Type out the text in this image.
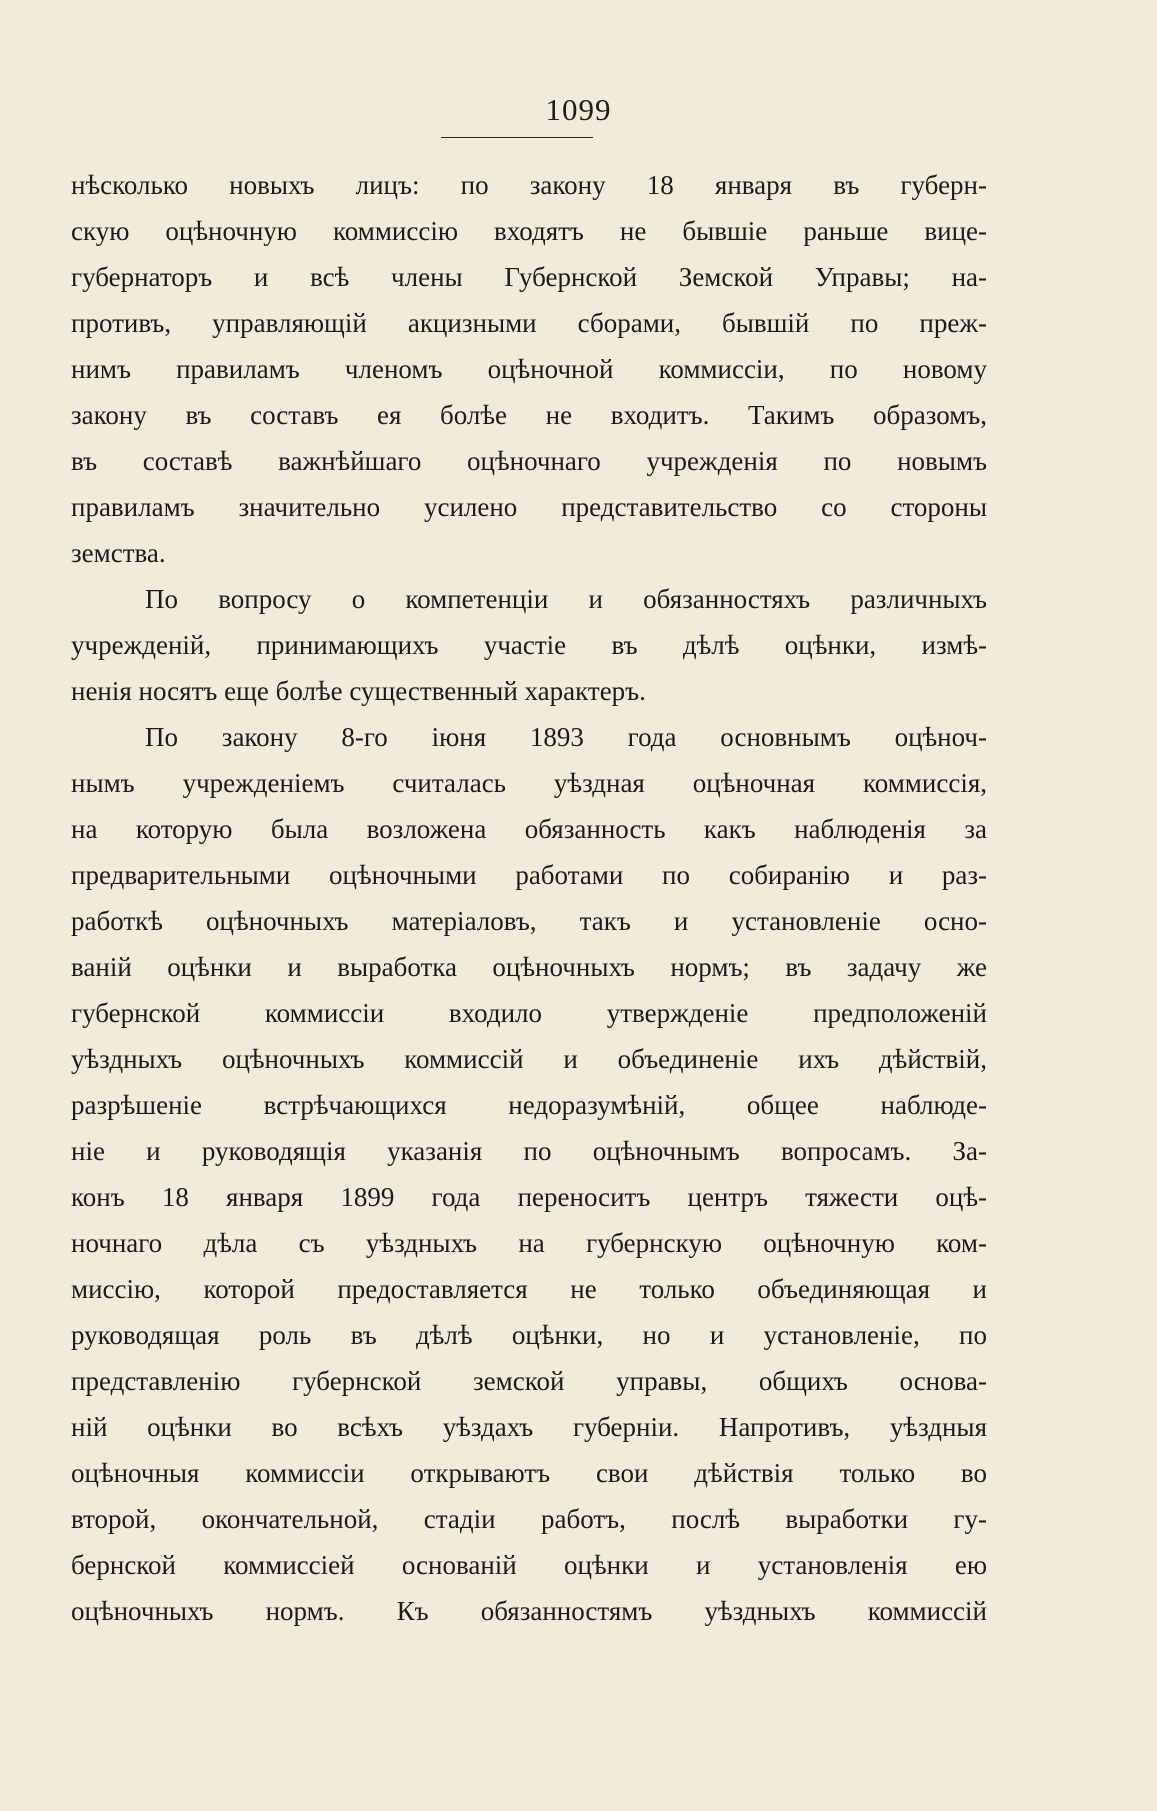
1099
нѣсколько новыхъ лицъ: по закону 18 января въ губерн-
скую оцѣночную коммиссію входятъ не бывшіе раньше вице-
губернаторъ и всѣ члены Губернской Земской Управы; на-
противъ, управляющій акцизными сборами, бывшій по преж-
нимъ правиламъ членомъ оцѣночной коммиссіи, по новому
закону въ составъ ея болѣе не входитъ. Такимъ образомъ,
въ составѣ важнѣйшаго оцѣночнаго учрежденія по новымъ
правиламъ значительно усилено представительство со стороны
земства.
По вопросу о компетенціи и обязанностяхъ различныхъ
учрежденій, принимающихъ участіе въ дѣлѣ оцѣнки, измѣ-
ненія носятъ еще болѣе существенный характеръ.
По закону 8-го іюня 1893 года основнымъ оцѣноч-
нымъ учрежденіемъ считалась уѣздная оцѣночная коммиссія,
на которую была возложена обязанность какъ наблюденія за
предварительными оцѣночными работами по собиранію и раз-
работкѣ оцѣночныхъ матеріаловъ, такъ и установленіе осно-
ваній оцѣнки и выработка оцѣночныхъ нормъ; въ задачу же
губернской коммиссіи входило утвержденіе предположеній
уѣздныхъ оцѣночныхъ коммиссій и объединеніе ихъ дѣйствій,
разрѣшеніе встрѣчающихся недоразумѣній, общее наблюде-
ніе и руководящія указанія по оцѣночнымъ вопросамъ. За-
конъ 18 января 1899 года переноситъ центръ тяжести оцѣ-
ночнаго дѣла съ уѣздныхъ на губернскую оцѣночную ком-
миссію, которой предоставляется не только объединяющая и
руководящая роль въ дѣлѣ оцѣнки, но и установленіе, по
представленію губернской земской управы, общихъ основа-
ній оцѣнки во всѣхъ уѣздахъ губерніи. Напротивъ, уѣздныя
оцѣночныя коммиссіи открываютъ свои дѣйствія только во
второй, окончательной, стадіи работъ, послѣ выработки гу-
бернской коммиссіей основаній оцѣнки и установленія ею
оцѣночныхъ нормъ. Къ обязанностямъ уѣздныхъ коммиссій
